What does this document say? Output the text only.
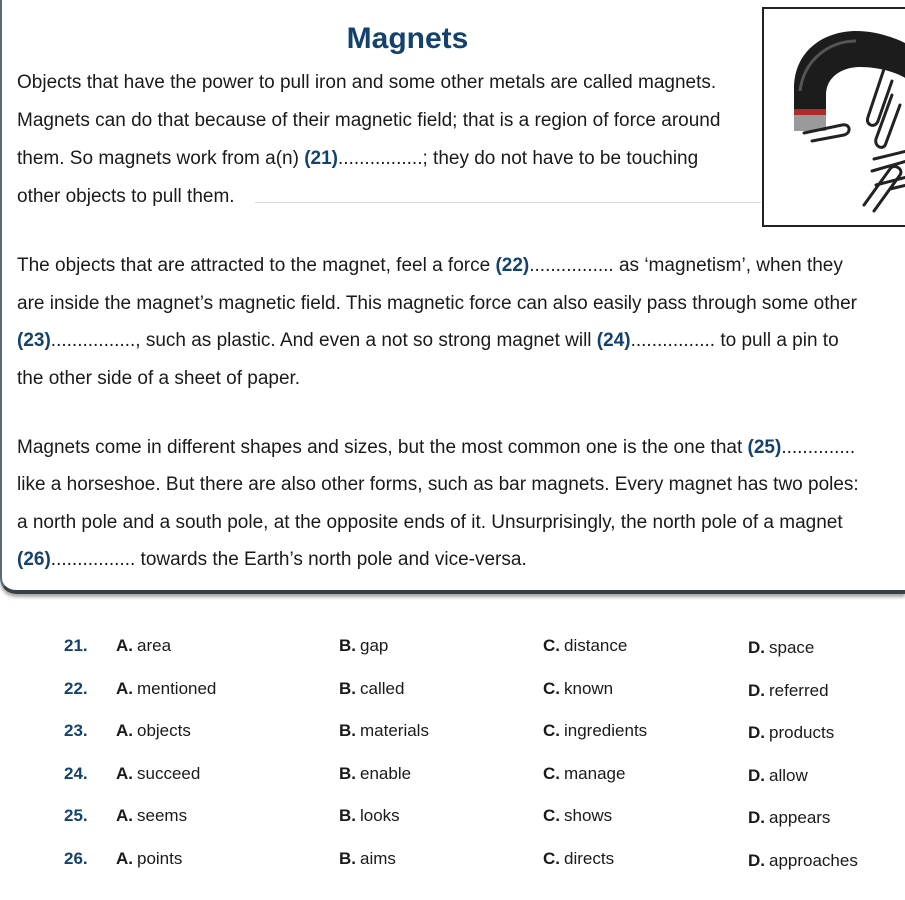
Magnets
Objects that have the power to pull iron and some other metals are called magnets.
Magnets can do that because of their magnetic field; that is a region of force around
them. So magnets work from a(n) (21)................; they do not have to be touching
other objects to pull them.
The objects that are attracted to the magnet, feel a force (22)................ as ‘magnetism’, when they
are inside the magnet’s magnetic field. This magnetic force can also easily pass through some other
(23)................, such as plastic. And even a not so strong magnet will (24)................ to pull a pin to
the other side of a sheet of paper.
Magnets come in different shapes and sizes, but the most common one is the one that (25)..............
like a horseshoe. But there are also other forms, such as bar magnets. Every magnet has two poles:
a north pole and a south pole, at the opposite ends of it. Unsurprisingly, the north pole of a magnet
(26)................ towards the Earth’s north pole and vice-versa.
21. A. area	B. gap	C. distance	D. space
22. A. mentioned	B. called	C. known	D. referred
23. A. objects	B. materials	C. ingredients	D. products
24. A. succeed	B. enable	C. manage	D. allow
25. A. seems	B. looks	C. shows	D. appears
26. A. points	B. aims	C. directs	D. approaches
